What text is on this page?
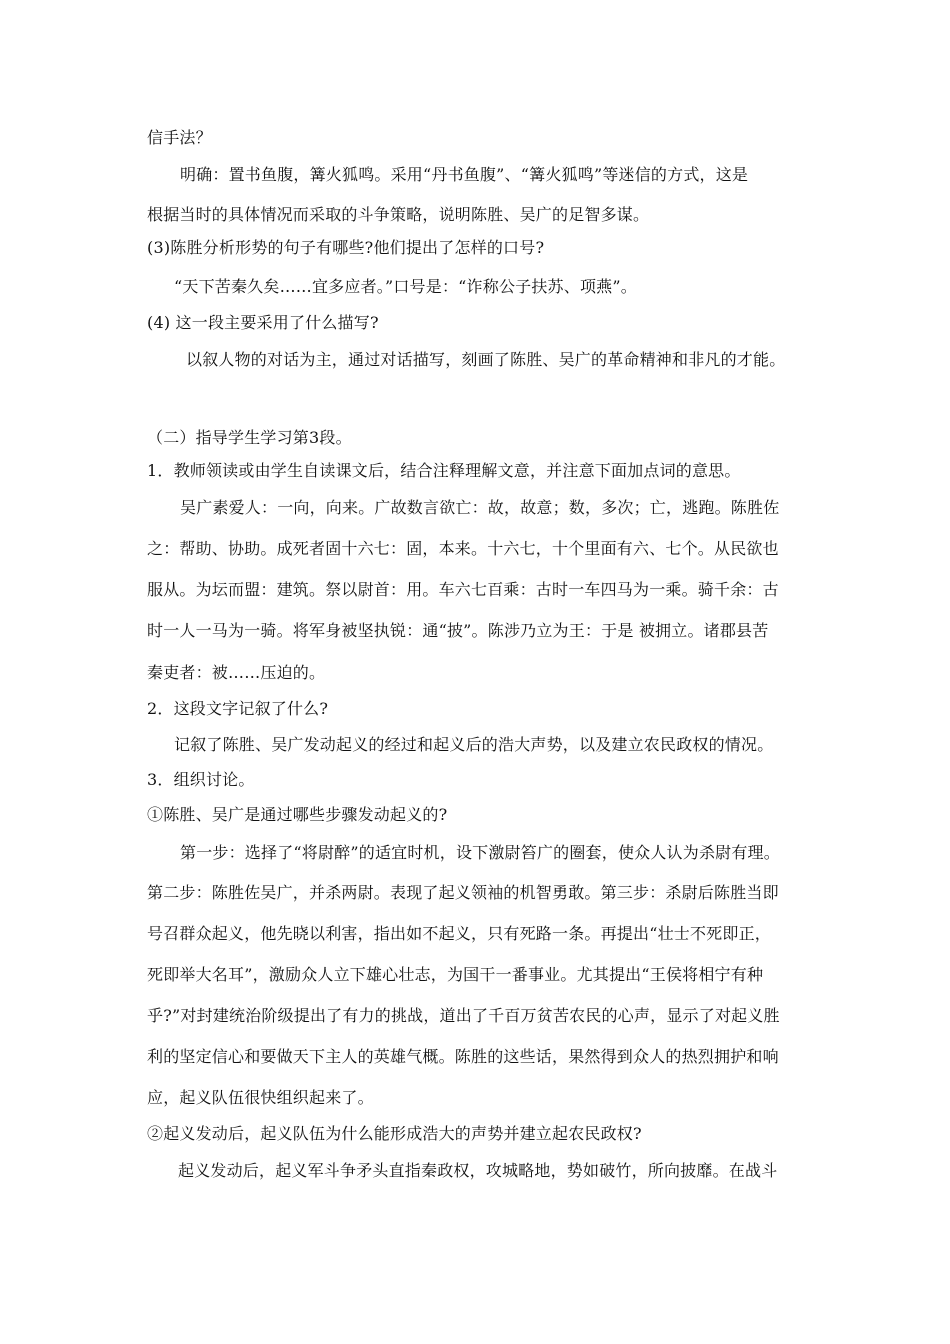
信手法？
明确：置书鱼腹，篝火狐鸣。采用“丹书鱼腹”、“篝火狐鸣”等迷信的方式，这是
根据当时的具体情况而采取的斗争策略，说明陈胜、吴广的足智多谋。
(3)陈胜分析形势的句子有哪些?他们提出了怎样的口号?
“天下苦秦久矣……宜多应者。”口号是：“诈称公子扶苏、项燕”。
(4) 这一段主要采用了什么描写?
以叙人物的对话为主，通过对话描写，刻画了陈胜、吴广的革命精神和非凡的才能。
（二）指导学生学习第3段。
1．教师领读或由学生自读课文后，结合注释理解文意，并注意下面加点词的意思。
吴广素爱人：一向，向来。广故数言欲亡：故，故意；数，多次；亡，逃跑。陈胜佐
之：帮助、协助。成死者固十六七：固，本来。十六七，十个里面有六、七个。从民欲也
服从。为坛而盟：建筑。祭以尉首：用。车六七百乘：古时一车四马为一乘。骑千余：古
时一人一马为一骑。将军身被坚执锐：通“披”。陈涉乃立为王：于是 被拥立。诸郡县苦
秦吏者：被……压迫的。
2．这段文字记叙了什么?
记叙了陈胜、吴广发动起义的经过和起义后的浩大声势，以及建立农民政权的情况。
3．组织讨论。
①陈胜、吴广是通过哪些步骤发动起义的?
第一步：选择了“将尉醉”的适宜时机，设下激尉笞广的圈套，使众人认为杀尉有理。
第二步：陈胜佐吴广，并杀两尉。表现了起义领袖的机智勇敢。第三步：杀尉后陈胜当即
号召群众起义，他先晓以利害，指出如不起义，只有死路一条。再提出“壮士不死即正，
死即举大名耳”，激励众人立下雄心壮志，为国干一番事业。尤其提出“王侯将相宁有种
乎?”对封建统治阶级提出了有力的挑战，道出了千百万贫苦农民的心声，显示了对起义胜
利的坚定信心和要做天下主人的英雄气概。陈胜的这些话，果然得到众人的热烈拥护和响
应，起义队伍很快组织起来了。
②起义发动后，起义队伍为什么能形成浩大的声势并建立起农民政权?
起义发动后，起义军斗争矛头直指秦政权，攻城略地，势如破竹，所向披靡。在战斗
